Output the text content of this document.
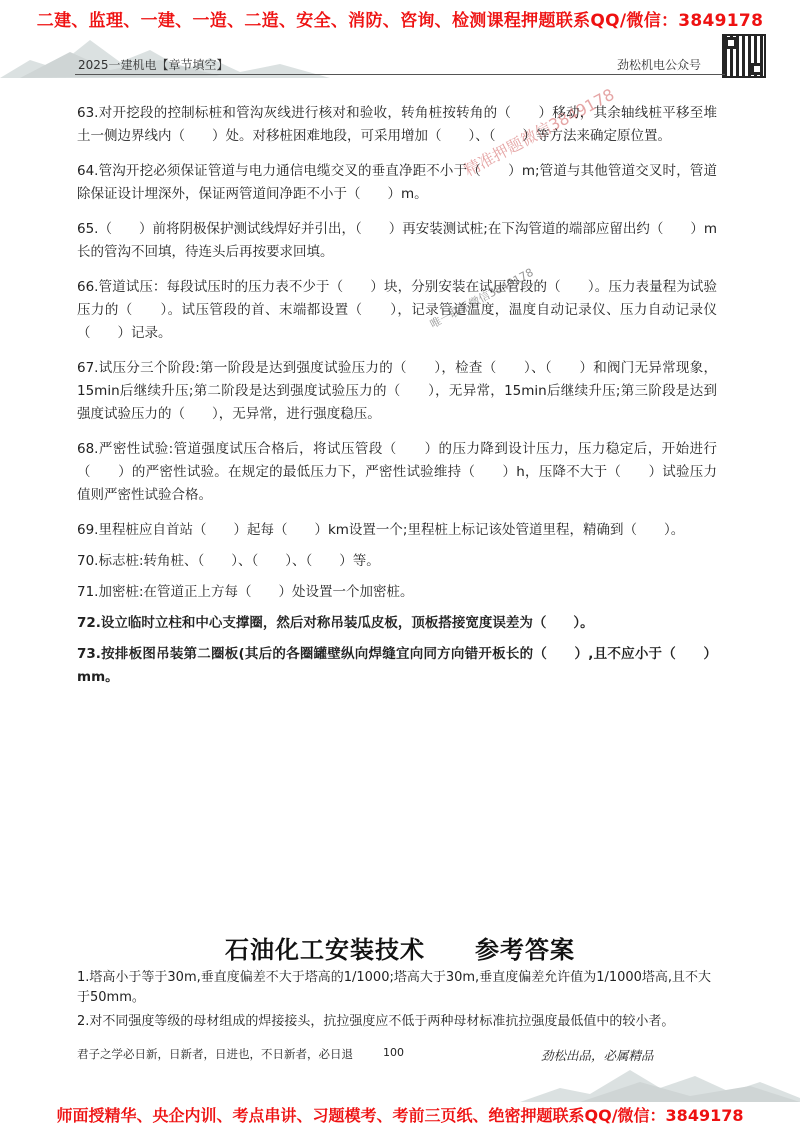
二建、监理、一建、一造、二造、安全、消防、咨询、检测课程押题联系QQ/微信：3849178
2025一建机电【章节填空】	劲松机电公众号
精准押题微信3849178
唯一联系微信3849178

63.对开挖段的控制标桩和管沟灰线进行核对和验收，转角桩按转角的（　　）移动，其余轴线桩平移至堆土一侧边界线内（　　）处。对移桩困难地段，可采用增加（　　）、（　　）等方法来确定原位置。

64.管沟开挖必须保证管道与电力通信电缆交叉的垂直净距不小于（　　）m;管道与其他管道交叉时，管道除保证设计埋深外，保证两管道间净距不小于（　　）m。

65.（　　）前将阴极保护测试线焊好并引出，（　　）再安装测试桩;在下沟管道的端部应留出约（　　）m长的管沟不回填，待连头后再按要求回填。

66.管道试压：每段试压时的压力表不少于（　　）块，分别安装在试压管段的（　　）。压力表量程为试验压力的（　　）。试压管段的首、末端都设置（　　），记录管道温度，温度自动记录仪、压力自动记录仪（　　）记录。

67.试压分三个阶段:第一阶段是达到强度试验压力的（　　），检查（　　）、（　　）和阀门无异常现象，15min后继续升压;第二阶段是达到强度试验压力的（　　），无异常，15min后继续升压;第三阶段是达到强度试验压力的（　　），无异常，进行强度稳压。

68.严密性试验:管道强度试压合格后，将试压管段（　　）的压力降到设计压力，压力稳定后，开始进行（　　）的严密性试验。在规定的最低压力下，严密性试验维持（　　）h，压降不大于（　　）试验压力值则严密性试验合格。

69.里程桩应自首站（　　）起每（　　）km设置一个;里程桩上标记该处管道里程，精确到（　　）。

70.标志桩:转角桩、（　　）、（　　）、（　　）等。

71.加密桩:在管道正上方每（　　）处设置一个加密桩。

72.设立临时立柱和中心支撑圈，然后对称吊装瓜皮板，顶板搭接宽度误差为（　　）。

73.按排板图吊装第二圈板(其后的各圈罐壁纵向焊缝宜向同方向错开板长的（　　）,且不应小于（　　）mm。

石油化工安装技术　　参考答案

1.塔高小于等于30m,垂直度偏差不大于塔高的1/1000;塔高大于30m,垂直度偏差允许值为1/1000塔高,且不大于50mm。

2.对不同强度等级的母材组成的焊接接头，抗拉强度应不低于两种母材标准抗拉强度最低值中的较小者。

君子之学必日新，日新者，日进也，不日新者，必日退	100	劲松出品，必属精品
师面授精华、央企内训、考点串讲、习题模考、考前三页纸、绝密押题联系QQ/微信：3849178
